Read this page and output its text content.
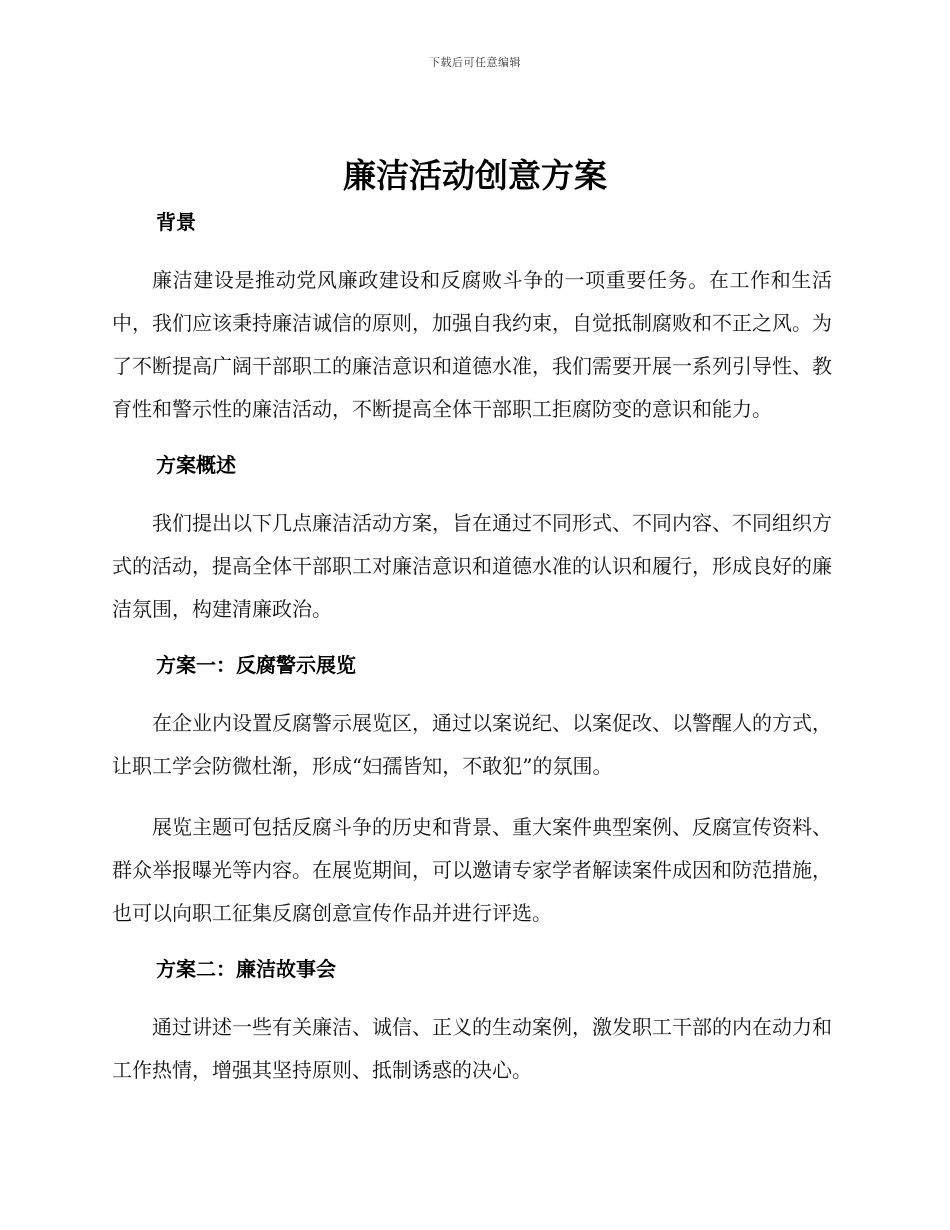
下载后可任意编辑
廉洁活动创意方案
背景

廉洁建设是推动党风廉政建设和反腐败斗争的一项重要任务。在工作和生活中，我们应该秉持廉洁诚信的原则，加强自我约束，自觉抵制腐败和不正之风。为了不断提高广阔干部职工的廉洁意识和道德水准，我们需要开展一系列引导性、教育性和警示性的廉洁活动，不断提高全体干部职工拒腐防变的意识和能力。

方案概述

我们提出以下几点廉洁活动方案，旨在通过不同形式、不同内容、不同组织方式的活动，提高全体干部职工对廉洁意识和道德水准的认识和履行，形成良好的廉洁氛围，构建清廉政治。

方案一：反腐警示展览

在企业内设置反腐警示展览区，通过以案说纪、以案促改、以警醒人的方式，让职工学会防微杜渐，形成“妇孺皆知，不敢犯”的氛围。

展览主题可包括反腐斗争的历史和背景、重大案件典型案例、反腐宣传资料、群众举报曝光等内容。在展览期间，可以邀请专家学者解读案件成因和防范措施，也可以向职工征集反腐创意宣传作品并进行评选。

方案二：廉洁故事会

通过讲述一些有关廉洁、诚信、正义的生动案例，激发职工干部的内在动力和工作热情，增强其坚持原则、抵制诱惑的决心。
